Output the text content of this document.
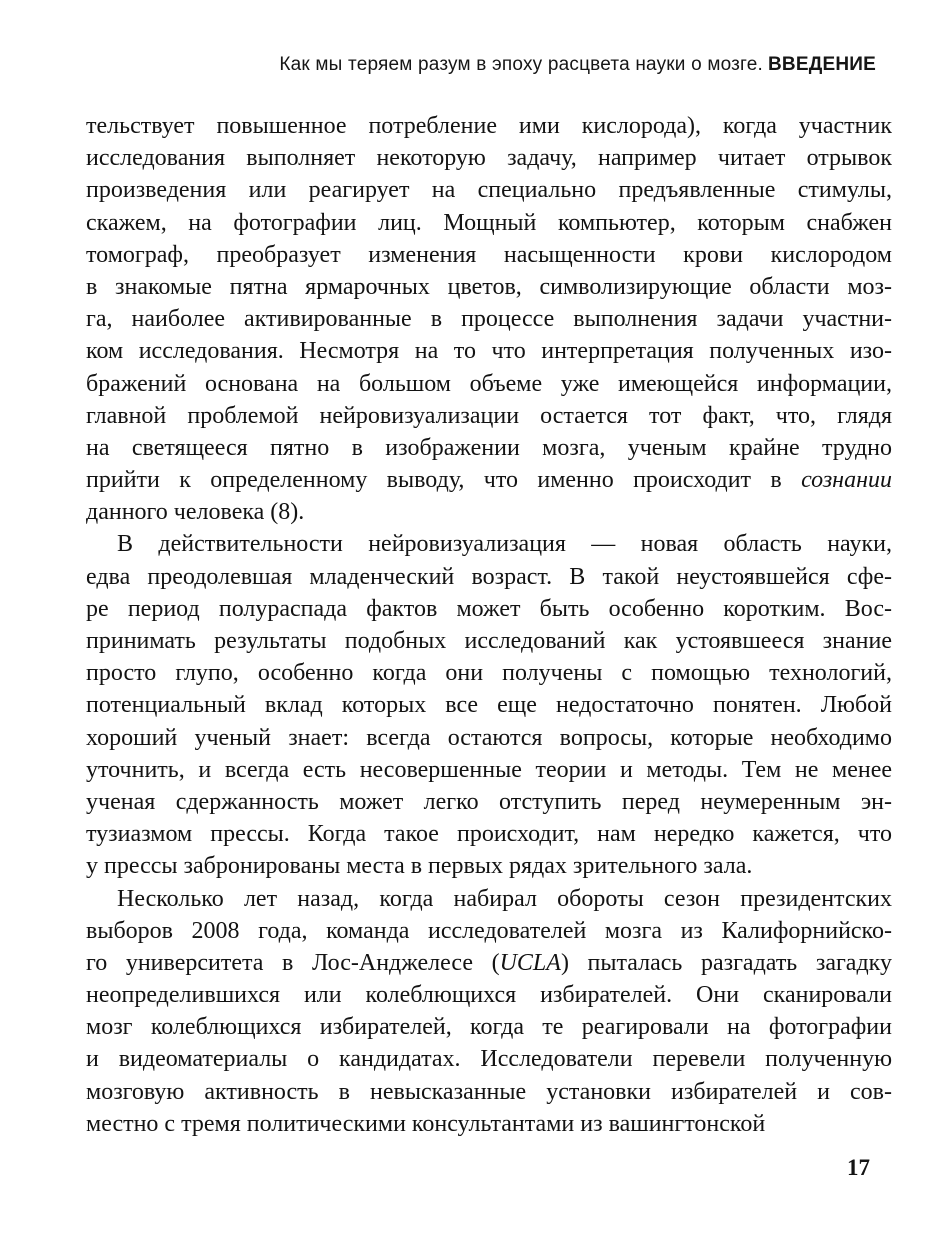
Как мы теряем разум в эпоху расцвета науки о мозге. ВВЕДЕНИЕ
тельствует повышенное потребление ими кислорода), когда участник
исследования выполняет некоторую задачу, например читает отрывок
произведения или реагирует на специально предъявленные стимулы,
скажем, на фотографии лиц. Мощный компьютер, которым снабжен
томограф, преобразует изменения насыщенности крови кислородом
в знакомые пятна ярмарочных цветов, символизирующие области моз-
га, наиболее активированные в процессе выполнения задачи участни-
ком исследования. Несмотря на то что интерпретация полученных изо-
бражений основана на большом объеме уже имеющейся информации,
главной проблемой нейровизуализации остается тот факт, что, глядя
на светящееся пятно в изображении мозга, ученым крайне трудно
прийти к определенному выводу, что именно происходит в сознании
данного человека (8).
В действительности нейровизуализация — новая область науки,
едва преодолевшая младенческий возраст. В такой неустоявшейся сфе-
ре период полураспада фактов может быть особенно коротким. Вос-
принимать результаты подобных исследований как устоявшееся знание
просто глупо, особенно когда они получены с помощью технологий,
потенциальный вклад которых все еще недостаточно понятен. Любой
хороший ученый знает: всегда остаются вопросы, которые необходимо
уточнить, и всегда есть несовершенные теории и методы. Тем не менее
ученая сдержанность может легко отступить перед неумеренным эн-
тузиазмом прессы. Когда такое происходит, нам нередко кажется, что
у прессы забронированы места в первых рядах зрительного зала.
Несколько лет назад, когда набирал обороты сезон президентских
выборов 2008 года, команда исследователей мозга из Калифорнийско-
го университета в Лос-Анджелесе (UCLA) пыталась разгадать загадку
неопределившихся или колеблющихся избирателей. Они сканировали
мозг колеблющихся избирателей, когда те реагировали на фотографии
и видеоматериалы о кандидатах. Исследователи перевели полученную
мозговую активность в невысказанные установки избирателей и сов-
местно с тремя политическими консультантами из вашингтонской
17
